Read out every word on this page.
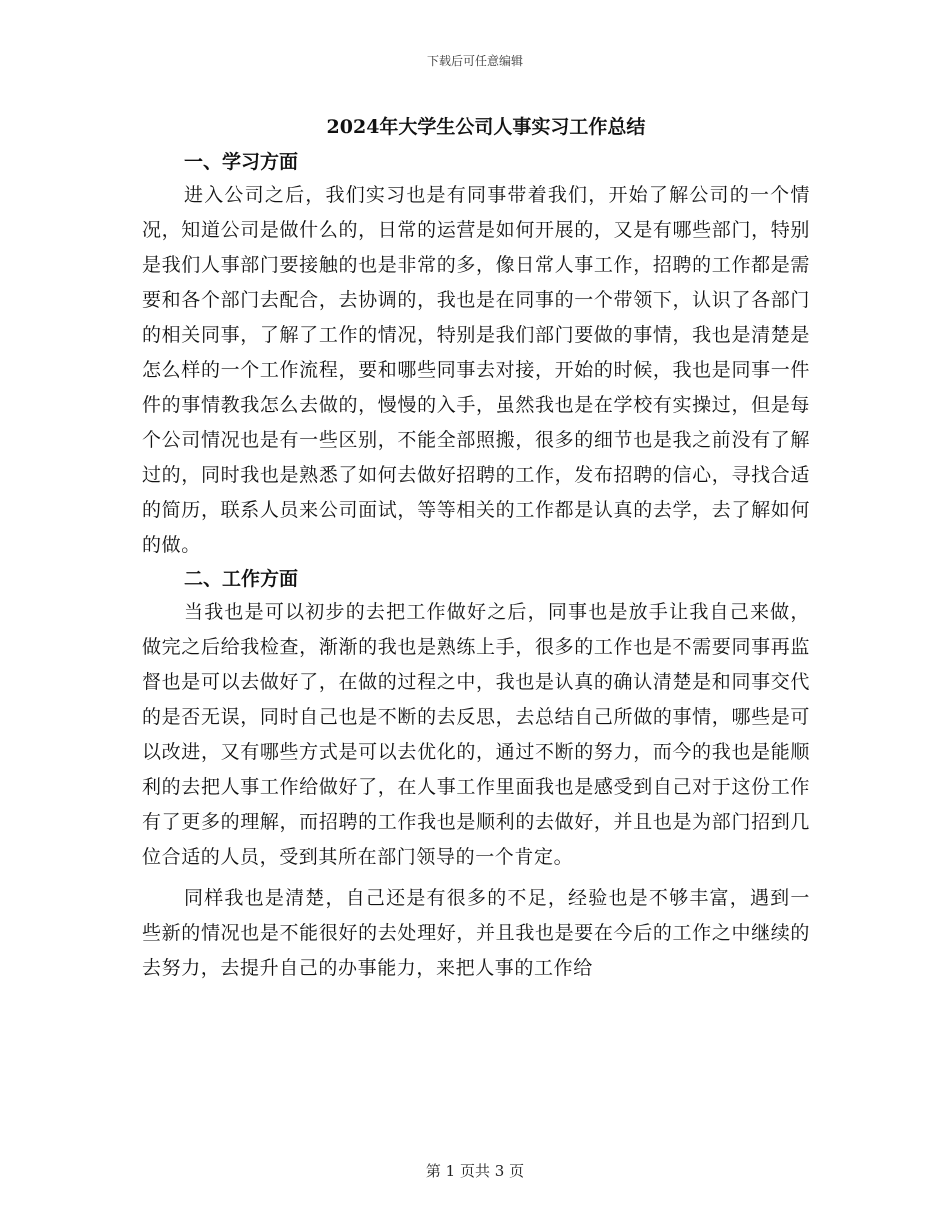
下载后可任意编辑
2024年大学生公司人事实习工作总结
一、学习方面

进入公司之后，我们实习也是有同事带着我们，开始了解公司的一个情况，知道公司是做什么的，日常的运营是如何开展的，又是有哪些部门，特别是我们人事部门要接触的也是非常的多，像日常人事工作，招聘的工作都是需要和各个部门去配合，去协调的，我也是在同事的一个带领下，认识了各部门的相关同事，了解了工作的情况，特别是我们部门要做的事情，我也是清楚是怎么样的一个工作流程，要和哪些同事去对接，开始的时候，我也是同事一件件的事情教我怎么去做的，慢慢的入手，虽然我也是在学校有实操过，但是每个公司情况也是有一些区别，不能全部照搬，很多的细节也是我之前没有了解过的，同时我也是熟悉了如何去做好招聘的工作，发布招聘的信心，寻找合适的简历，联系人员来公司面试，等等相关的工作都是认真的去学，去了解如何的做。

二、工作方面

当我也是可以初步的去把工作做好之后，同事也是放手让我自己来做，做完之后给我检查，渐渐的我也是熟练上手，很多的工作也是不需要同事再监督也是可以去做好了，在做的过程之中，我也是认真的确认清楚是和同事交代的是否无误，同时自己也是不断的去反思，去总结自己所做的事情，哪些是可以改进，又有哪些方式是可以去优化的，通过不断的努力，而今的我也是能顺利的去把人事工作给做好了，在人事工作里面我也是感受到自己对于这份工作有了更多的理解，而招聘的工作我也是顺利的去做好，并且也是为部门招到几位合适的人员，受到其所在部门领导的一个肯定。

同样我也是清楚，自己还是有很多的不足，经验也是不够丰富，遇到一些新的情况也是不能很好的去处理好，并且我也是要在今后的工作之中继续的去努力，去提升自己的办事能力，来把人事的工作给

第 1 页共 3 页
